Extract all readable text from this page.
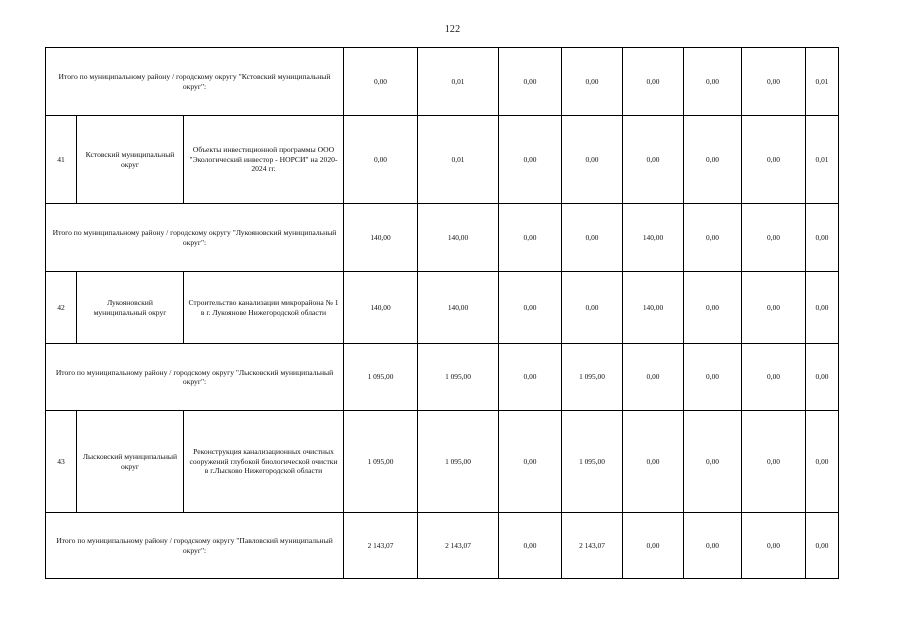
122
Итого по муниципальному району / городскому округу "Кстовский муниципальный округ":			0,00	0,01	0,00	0,00	0,00	0,00	0,00	0,01
41	Кстовский муниципальный округ	Объекты инвестиционной программы ООО "Экологический инвестор - НОРСИ" на 2020-2024 гг.	0,00	0,01	0,00	0,00	0,00	0,00	0,00	0,01
Итого по муниципальному району / городскому округу "Лукояновский муниципальный округ":			140,00	140,00	0,00	0,00	140,00	0,00	0,00	0,00
42	Лукояновский муниципальный округ	Строительство канализации микрорайона № 1 в г. Лукоянове Нижегородской области	140,00	140,00	0,00	0,00	140,00	0,00	0,00	0,00
Итого по муниципальному району / городскому округу "Лысковский муниципальный округ":			1 095,00	1 095,00	0,00	1 095,00	0,00	0,00	0,00	0,00
43	Лысковский муниципальный округ	Реконструкция канализационных очистных сооружений глубокой биологической очистки в г.Лысково Нижегородской области	1 095,00	1 095,00	0,00	1 095,00	0,00	0,00	0,00	0,00
Итого по муниципальному району / городскому округу "Павловский муниципальный округ":			2 143,07	2 143,07	0,00	2 143,07	0,00	0,00	0,00	0,00
